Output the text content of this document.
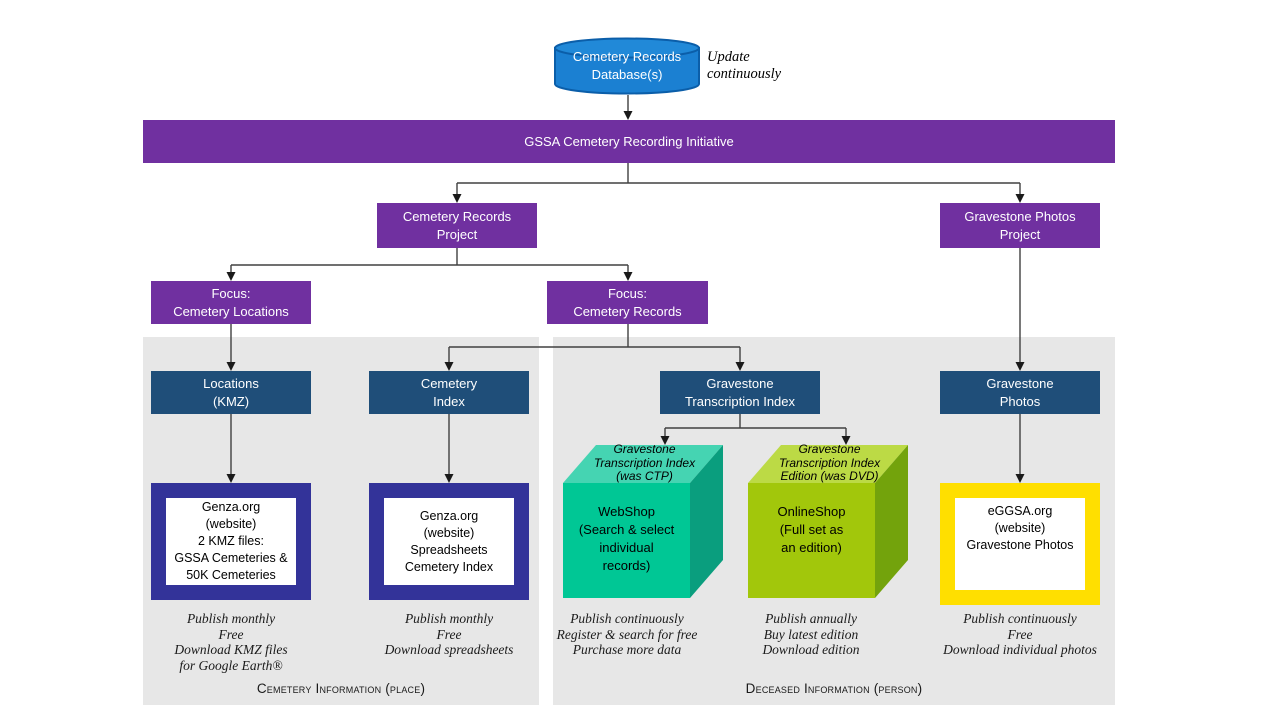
Cemetery Records
Database(s)
Update
continuously
GSSA Cemetery Recording Initiative
Cemetery Records
Project
Gravestone Photos
Project
Focus:
Cemetery Locations
Focus:
Cemetery Records
Locations
(KMZ)
Cemetery
Index
Gravestone
Transcription Index
Gravestone
Photos
Gravestone
Transcription Index
(was CTP)
WebShop
(Search & select
individual
records)
Gravestone
Transcription Index
Edition (was DVD)
OnlineShop
(Full set as
an edition)
Genza.org
(website)
2 KMZ files:
GSSA Cemeteries &
50K Cemeteries
Genza.org
(website)
Spreadsheets
Cemetery Index
eGGSA.org
(website)
Gravestone Photos
Publish monthly
Free
Download KMZ files
for Google Earth®
Publish monthly
Free
Download spreadsheets
Publish continuously
Register & search for free
Purchase more data
Publish annually
Buy latest edition
Download edition
Publish continuously
Free
Download individual photos
Cemetery Information (place)	Deceased Information (person)
